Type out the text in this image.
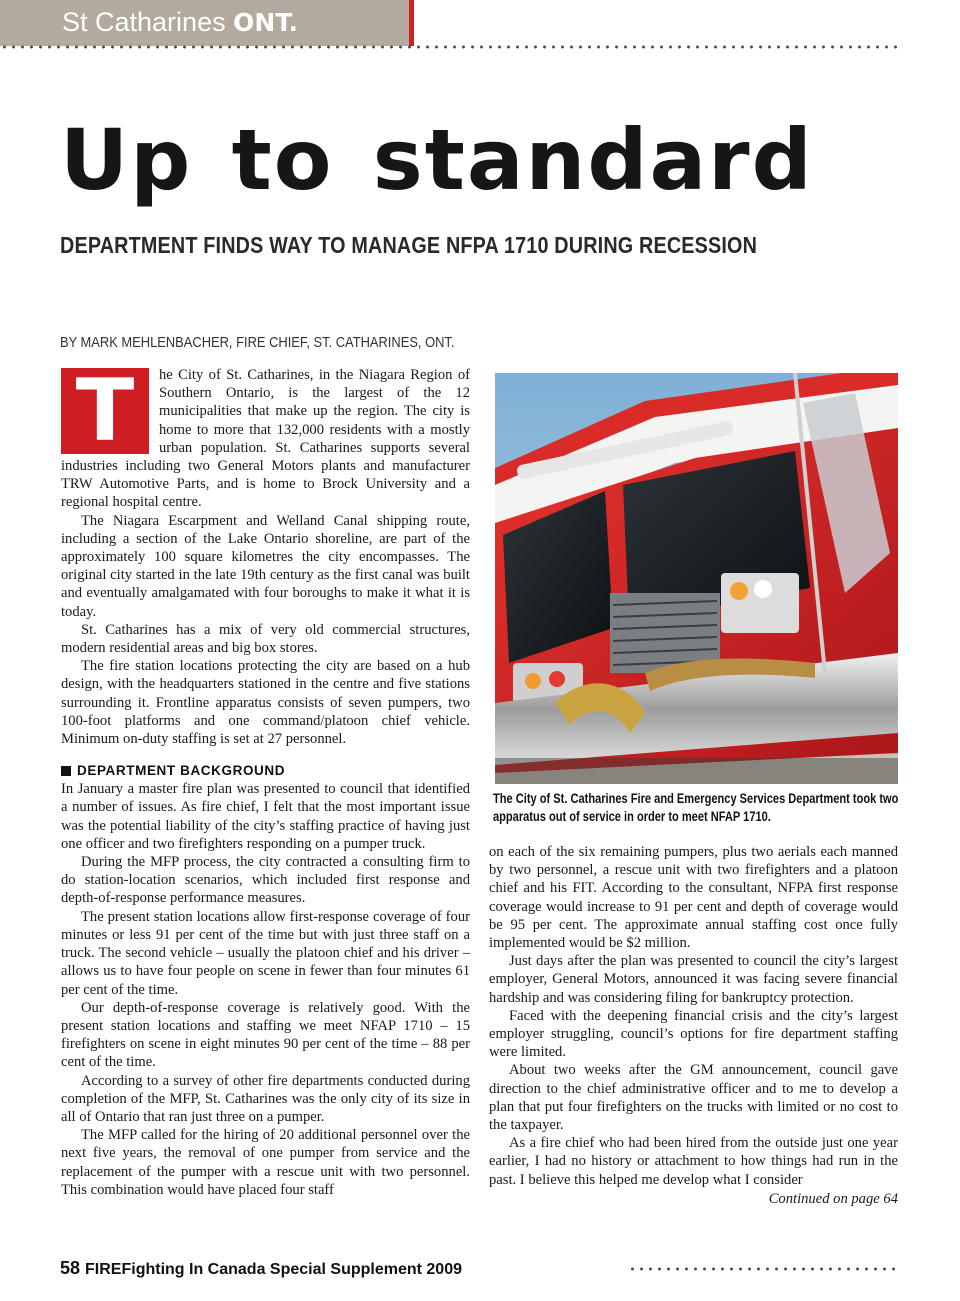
St Catharines ONT.
Up to standard
DEPARTMENT FINDS WAY TO MANAGE NFPA 1710 DURING RECESSION
BY MARK MEHLENBACHER, FIRE CHIEF, ST. CATHARINES, ONT.
T	he City of St. Catharines, in the Niagara Region of Southern Ontario, is the largest of the 12 municipalities that make up the region. The city is home to more that 132,000 residents with a mostly urban population. St. Catharines supports several industries including two General Motors plants and manufacturer TRW Automotive Parts, and is home to Brock University and a regional hospital centre.

The Niagara Escarpment and Welland Canal shipping route, including a section of the Lake Ontario shoreline, are part of the approximately 100 square kilometres the city encompasses. The original city started in the late 19th century as the first canal was built and eventually amalgamated with four boroughs to make it what it is today.

St. Catharines has a mix of very old commercial structures, modern residential areas and big box stores.

The fire station locations protecting the city are based on a hub design, with the headquarters stationed in the centre and five stations surrounding it. Frontline apparatus consists of seven pumpers, two 100-foot platforms and one command/platoon chief vehicle. Minimum on-duty staffing is set at 27 personnel.

DEPARTMENT BACKGROUND

In January a master fire plan was presented to council that identified a number of issues. As fire chief, I felt that the most important issue was the potential liability of the city’s staffing practice of having just one officer and two firefighters responding on a pumper truck.

During the MFP process, the city contracted a consulting firm to do station-location scenarios, which included first response and depth-of-response performance measures.

The present station locations allow first-response coverage of four minutes or less 91 per cent of the time but with just three staff on a truck. The second vehicle – usually the platoon chief and his driver – allows us to have four people on scene in fewer than four minutes 61 per cent of the time.

Our depth-of-response coverage is relatively good. With the present station locations and staffing we meet NFAP 1710 – 15 firefighters on scene in eight minutes 90 per cent of the time – 88 per cent of the time.

According to a survey of other fire departments conducted during completion of the MFP, St. Catharines was the only city of its size in all of Ontario that ran just three on a pumper.

The MFP called for the hiring of 20 additional personnel over the next five years, the removal of one pumper from service and the replacement of the pumper with a rescue unit with two personnel. This combination would have placed four staff

The City of St. Catharines Fire and Emergency Services Department took two apparatus out of service in order to meet NFAP 1710.

on each of the six remaining pumpers, plus two aerials each manned by two personnel, a rescue unit with two firefighters and a platoon chief and his FIT. According to the consultant, NFPA first response coverage would increase to 91 per cent and depth of coverage would be 95 per cent. The approximate annual staffing cost once fully implemented would be $2 million.

Just days after the plan was presented to council the city’s largest employer, General Motors, announced it was facing severe financial hardship and was considering filing for bankruptcy protection.

Faced with the deepening financial crisis and the city’s largest employer struggling, council’s options for fire department staffing were limited.

About two weeks after the GM announcement, council gave direction to the chief administrative officer and to me to develop a plan that put four firefighters on the trucks with limited or no cost to the taxpayer.

As a fire chief who had been hired from the outside just one year earlier, I had no history or attachment to how things had run in the past. I believe this helped me develop what I consider

Continued on page 64
58 FIREFighting In Canada Special Supplement 2009
